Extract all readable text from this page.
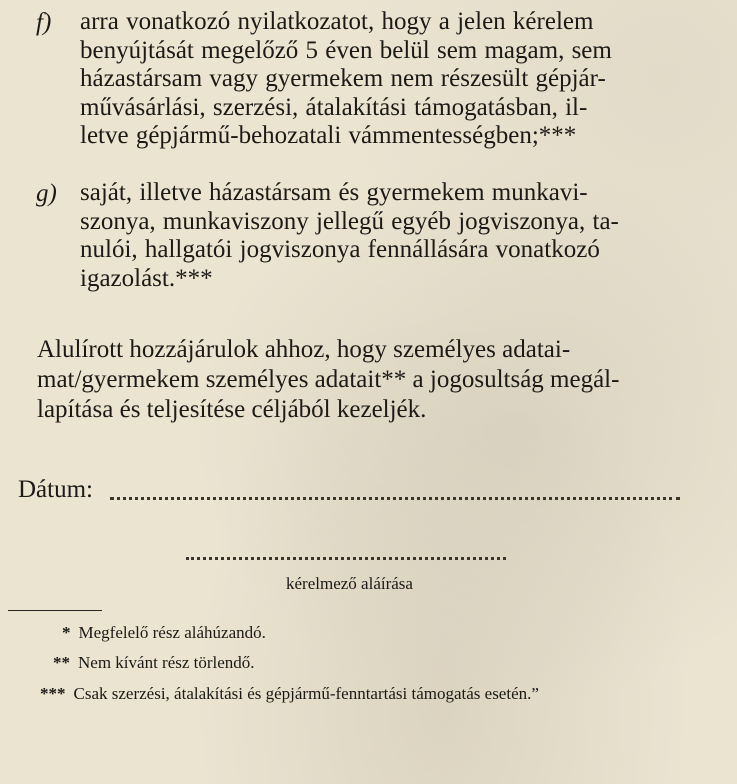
f) arra vonatkozó nyilatkozatot, hogy a jelen kérelem
benyújtását megelőző 5 éven belül sem magam, sem
házastársam vagy gyermekem nem részesült gépjár-
művásárlási, szerzési, átalakítási támogatásban, il-
letve gépjármű-behozatali vámmentességben;***
g) saját, illetve házastársam és gyermekem munkavi-
szonya, munkaviszony jellegű egyéb jogviszonya, ta-
nulói, hallgatói jogviszonya fennállására vonatkozó
igazolást.***
Alulírott hozzájárulok ahhoz, hogy személyes adatai-
mat/gyermekem személyes adatait** a jogosultság megál-
lapítása és teljesítése céljából kezeljék.
Dátum:
kérelmező aláírása
* Megfelelő rész aláhúzandó.
** Nem kívánt rész törlendő.
*** Csak szerzési, átalakítási és gépjármű-fenntartási támogatás esetén.”
